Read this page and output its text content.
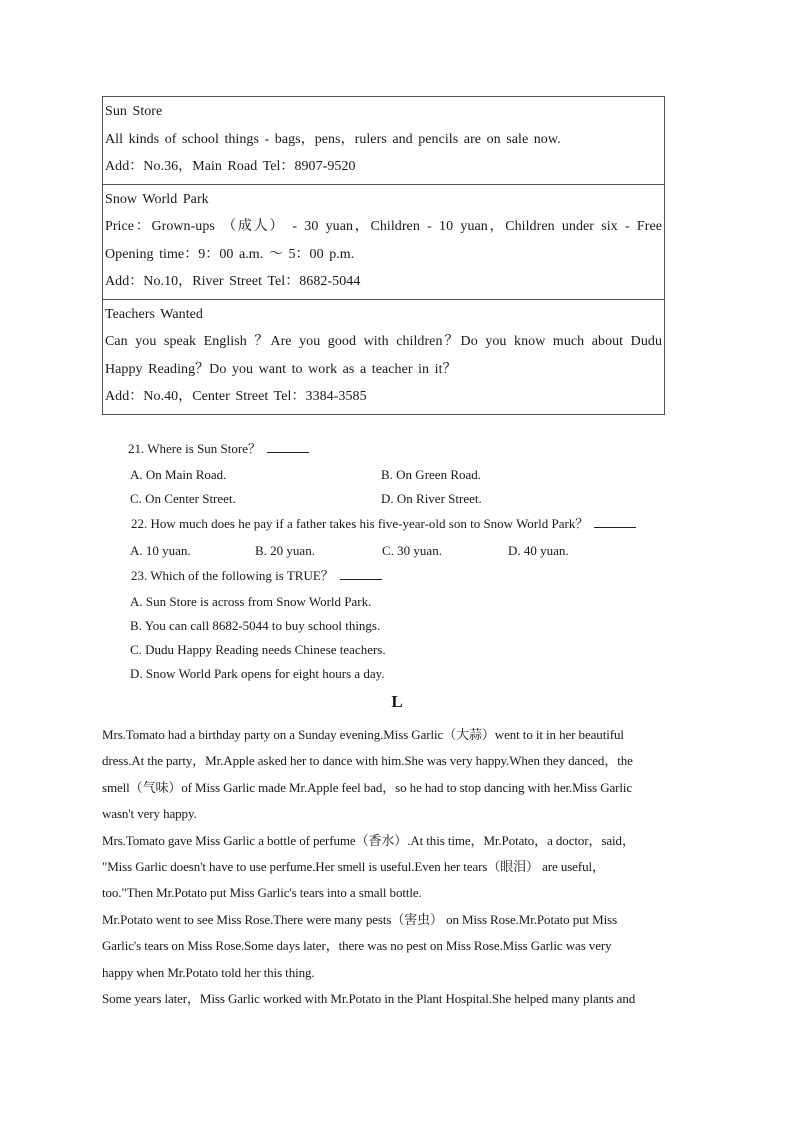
Sun Store
All kinds of school things - bags，pens，rulers and pencils are on sale now.
Add：No.36，Main Road Tel：8907-9520
Snow World Park
Price：Grown-ups （成人） - 30 yuan，Children - 10 yuan，Children under six - Free
Opening time：9：00 a.m. ～ 5：00 p.m.
Add：No.10，River Street Tel：8682-5044
Teachers Wanted
Can you speak English ？Are you good with children？Do you know much about Dudu
Happy Reading？Do you want to work as a teacher in it？
Add：No.40，Center Street Tel：3384-3585
21. Where is Sun Store？
A. On Main Road.	B. On Green Road.
C. On Center Street.	D. On River Street.
22. How much does he pay if a father takes his five-year-old son to Snow World Park？
A. 10 yuan.	B. 20 yuan.	C. 30 yuan.	D. 40 yuan.
23. Which of the following is TRUE？
A. Sun Store is across from Snow World Park.
B. You can call 8682-5044 to buy school things.
C. Dudu Happy Reading needs Chinese teachers.
D. Snow World Park opens for eight hours a day.
L
Mrs.Tomato had a birthday party on a Sunday evening.Miss Garlic（大蒜）went to it in her beautiful
dress.At the party，Mr.Apple asked her to dance with him.She was very happy.When they danced，the
smell（气味）of Miss Garlic made Mr.Apple feel bad，so he had to stop dancing with her.Miss Garlic
wasn't very happy.
Mrs.Tomato gave Miss Garlic a bottle of perfume（香水）.At this time，Mr.Potato，a doctor，said，
"Miss Garlic doesn't have to use perfume.Her smell is useful.Even her tears（眼泪） are useful，
too."Then Mr.Potato put Miss Garlic's tears into a small bottle.
Mr.Potato went to see Miss Rose.There were many pests（害虫） on Miss Rose.Mr.Potato put Miss
Garlic's tears on Miss Rose.Some days later，there was no pest on Miss Rose.Miss Garlic was very
happy when Mr.Potato told her this thing.
Some years later，Miss Garlic worked with Mr.Potato in the Plant Hospital.She helped many plants and
